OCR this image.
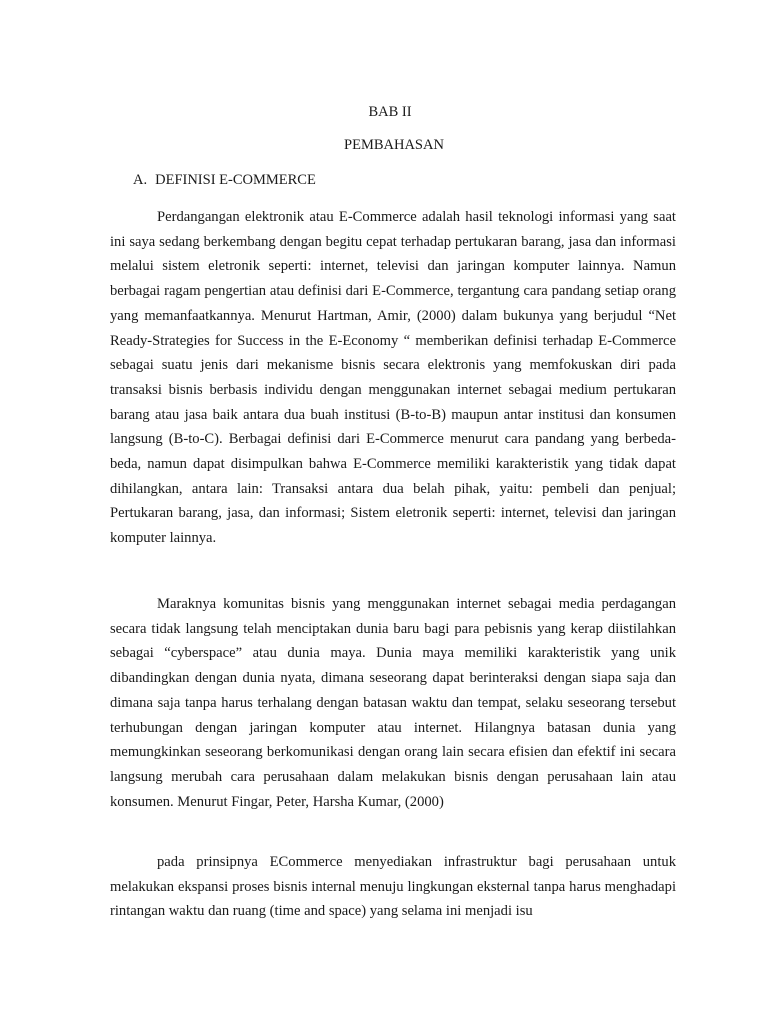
BAB II
PEMBAHASAN
A. DEFINISI E-COMMERCE

Perdangangan elektronik atau E-Commerce adalah hasil teknologi informasi yang saat ini saya sedang berkembang dengan begitu cepat terhadap pertukaran barang, jasa dan informasi melalui sistem eletronik seperti: internet, televisi dan jaringan komputer lainnya. Namun berbagai ragam pengertian atau definisi dari E-Commerce, tergantung cara pandang setiap orang yang memanfaatkannya. Menurut Hartman, Amir, (2000) dalam bukunya yang berjudul “Net Ready-Strategies for Success in the E-Economy “ memberikan definisi terhadap E-Commerce sebagai suatu jenis dari mekanisme bisnis secara elektronis yang memfokuskan diri pada transaksi bisnis berbasis individu dengan menggunakan internet sebagai medium pertukaran barang atau jasa baik antara dua buah institusi (B-to-B) maupun antar institusi dan konsumen langsung (B-to-C). Berbagai definisi dari E-Commerce menurut cara pandang yang berbeda-beda, namun dapat disimpulkan bahwa E-Commerce memiliki karakteristik yang tidak dapat dihilangkan, antara lain: Transaksi antara dua belah pihak, yaitu: pembeli dan penjual; Pertukaran barang, jasa, dan informasi; Sistem eletronik seperti: internet, televisi dan jaringan komputer lainnya.

Maraknya komunitas bisnis yang menggunakan internet sebagai media perdagangan secara tidak langsung telah menciptakan dunia baru bagi para pebisnis yang kerap diistilahkan sebagai “cyberspace” atau dunia maya. Dunia maya memiliki karakteristik yang unik dibandingkan dengan dunia nyata, dimana seseorang dapat berinteraksi dengan siapa saja dan dimana saja tanpa harus terhalang dengan batasan waktu dan tempat, selaku seseorang tersebut terhubungan dengan jaringan komputer atau internet. Hilangnya batasan dunia yang memungkinkan seseorang berkomunikasi dengan orang lain secara efisien dan efektif ini secara langsung merubah cara perusahaan dalam melakukan bisnis dengan perusahaan lain atau konsumen. Menurut Fingar, Peter, Harsha Kumar, (2000)

pada prinsipnya ECommerce menyediakan infrastruktur bagi perusahaan untuk melakukan ekspansi proses bisnis internal menuju lingkungan eksternal tanpa harus menghadapi rintangan waktu dan ruang (time and space) yang selama ini menjadi isu
